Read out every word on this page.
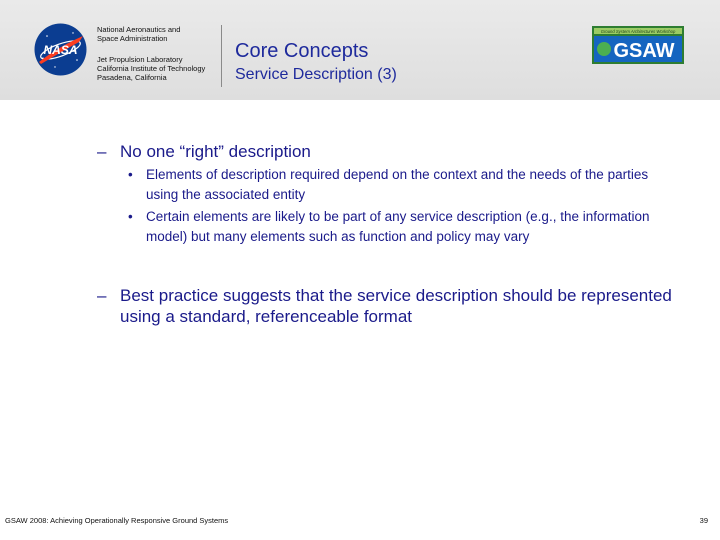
NASA
National Aeronautics and
Space Administration
Jet Propulsion Laboratory
California Institute of Technology
Pasadena, California
Core Concepts
Service Description (3)
Ground System Architectures Workshop
GSAW
– No one “right” description
• Elements of description required depend on the context and the needs of the parties using the associated entity
• Certain elements are likely to be part of any service description (e.g., the information model) but many elements such as function and policy may vary
– Best practice suggests that the service description should be represented using a standard, referenceable format
GSAW 2008: Achieving Operationally Responsive Ground Systems	39
